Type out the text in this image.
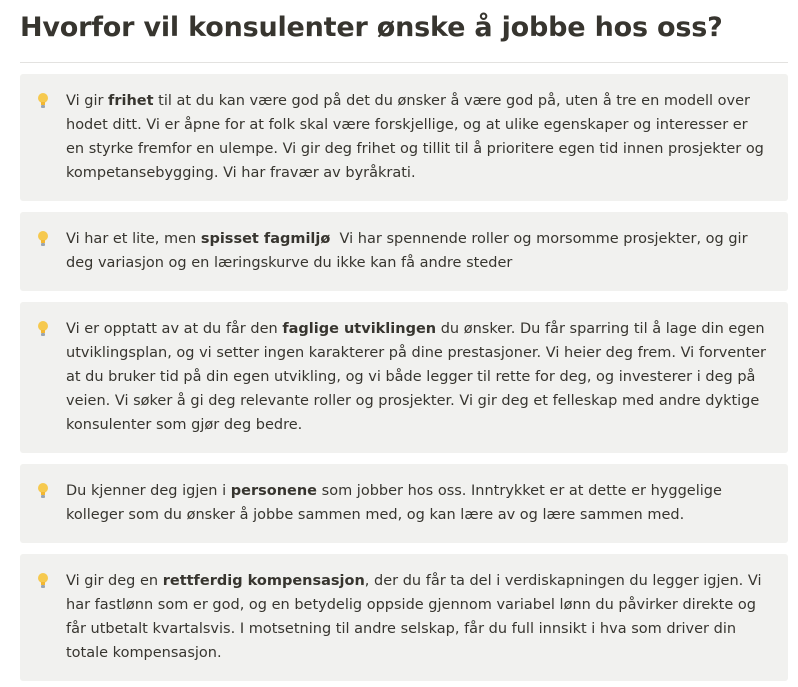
Hvorfor vil konsulenter ønske å jobbe hos oss?
Vi gir frihet til at du kan være god på det du ønsker å være god på, uten å tre en modell over hodet ditt. Vi er åpne for at folk skal være forskjellige, og at ulike egenskaper og interesser er en styrke fremfor en ulempe. Vi gir deg frihet og tillit til å prioritere egen tid innen prosjekter og kompetansebygging. Vi har fravær av byråkrati.
Vi har et lite, men spisset fagmiljø  Vi har spennende roller og morsomme prosjekter, og gir deg variasjon og en læringskurve du ikke kan få andre steder
Vi er opptatt av at du får den faglige utviklingen du ønsker. Du får sparring til å lage din egen utviklingsplan, og vi setter ingen karakterer på dine prestasjoner. Vi heier deg frem. Vi forventer at du bruker tid på din egen utvikling, og vi både legger til rette for deg, og investerer i deg på veien. Vi søker å gi deg relevante roller og prosjekter. Vi gir deg et felleskap med andre dyktige konsulenter som gjør deg bedre.
Du kjenner deg igjen i personene som jobber hos oss. Inntrykket er at dette er hyggelige kolleger som du ønsker å jobbe sammen med, og kan lære av og lære sammen med.
Vi gir deg en rettferdig kompensasjon, der du får ta del i verdiskapningen du legger igjen. Vi har fastlønn som er god, og en betydelig oppside gjennom variabel lønn du påvirker direkte og får utbetalt kvartalsvis. I motsetning til andre selskap, får du full innsikt i hva som driver din totale kompensasjon.
